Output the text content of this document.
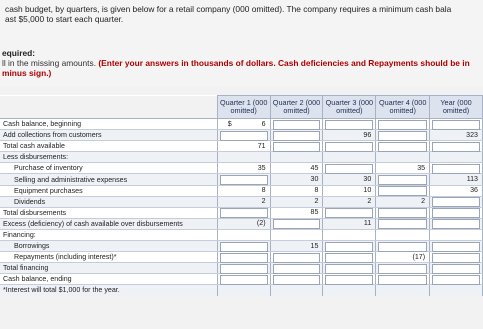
cash budget, by quarters, is given below for a retail company (000 omitted). The company requires a minimum cash bala

ast $5,000 to start each quarter.

equired:
ll in the missing amounts. (Enter your answers in thousands of dollars. Cash deficiencies and Repayments should be in
minus sign.)
	Quarter 1 (000 omitted)	Quarter 2 (000 omitted)	Quarter 3 (000 omitted)	Quarter 4 (000 omitted)	Year (000 omitted)
Cash balance, beginning	$ 6				

Add collections from customers			96		323

Total cash available	71				

Less disbursements:	

Purchase of inventory	35	45		35	

Selling and administrative expenses		30	30		113

Equipment purchases	8	8	10		36

Dividends	2	2	2	2	

Total disbursements		85			

Excess (deficiency) of cash available over disbursements	(2)		11		

Financing:	

Borrowings		15			

Repayments (including interest)*				(17)	

Total financing	

Cash balance, ending	

*Interest will total $1,000 for the year.	
